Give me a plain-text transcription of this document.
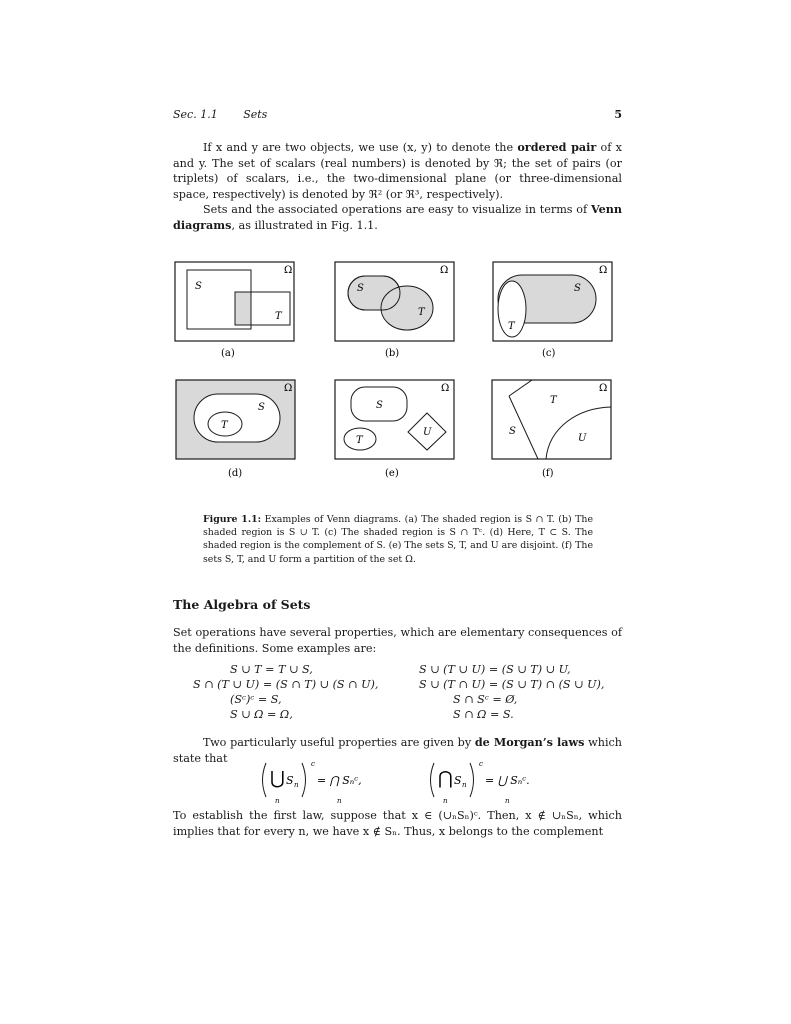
Sec. 1.1 Sets	5

If x and y are two objects, we use (x, y) to denote the ordered pair of x and y. The set of scalars (real numbers) is denoted by ℜ; the set of pairs (or triplets) of scalars, i.e., the two-dimensional plane (or three-dimensional space, respectively) is denoted by ℜ² (or ℜ³, respectively).

Sets and the associated operations are easy to visualize in terms of Venn diagrams, as illustrated in Fig. 1.1.

Ω
S
T
(a)
Ω
S
T
(b)
Ω
S
T
(c)
Ω
S
T
(d)
Ω
S
T
U
(e)
Ω
S
T
U
(f)
Figure 1.1: Examples of Venn diagrams. (a) The shaded region is S ∩ T. (b) The shaded region is S ∪ T. (c) The shaded region is S ∩ Tᶜ. (d) Here, T ⊂ S. The shaded region is the complement of S. (e) The sets S, T, and U are disjoint. (f) The sets S, T, and U form a partition of the set Ω.
The Algebra of Sets

Set operations have several properties, which are elementary consequences of the definitions. Some examples are:

S ∪ T = T ∪ S,
S ∩ (T ∪ U) = (S ∩ T) ∪ (S ∩ U),
(Sᶜ)ᶜ = S,
S ∪ Ω = Ω,
S ∪ (T ∪ U) = (S ∪ T) ∪ U,
S ∪ (T ∩ U) = (S ∪ T) ∩ (S ∪ U),
S ∩ Sᶜ = Ø,
S ∩ Ω = S.

Two particularly useful properties are given by de Morgan’s laws which state that

⋃ S n
c
n
= ⋂ Sₙᶜ,
n
⋂ S n
c
n
= ⋃ Sₙᶜ.
n

To establish the first law, suppose that x ∈ (∪ₙSₙ)ᶜ. Then, x ∉ ∪ₙSₙ, which implies that for every n, we have x ∉ Sₙ. Thus, x belongs to the complement
